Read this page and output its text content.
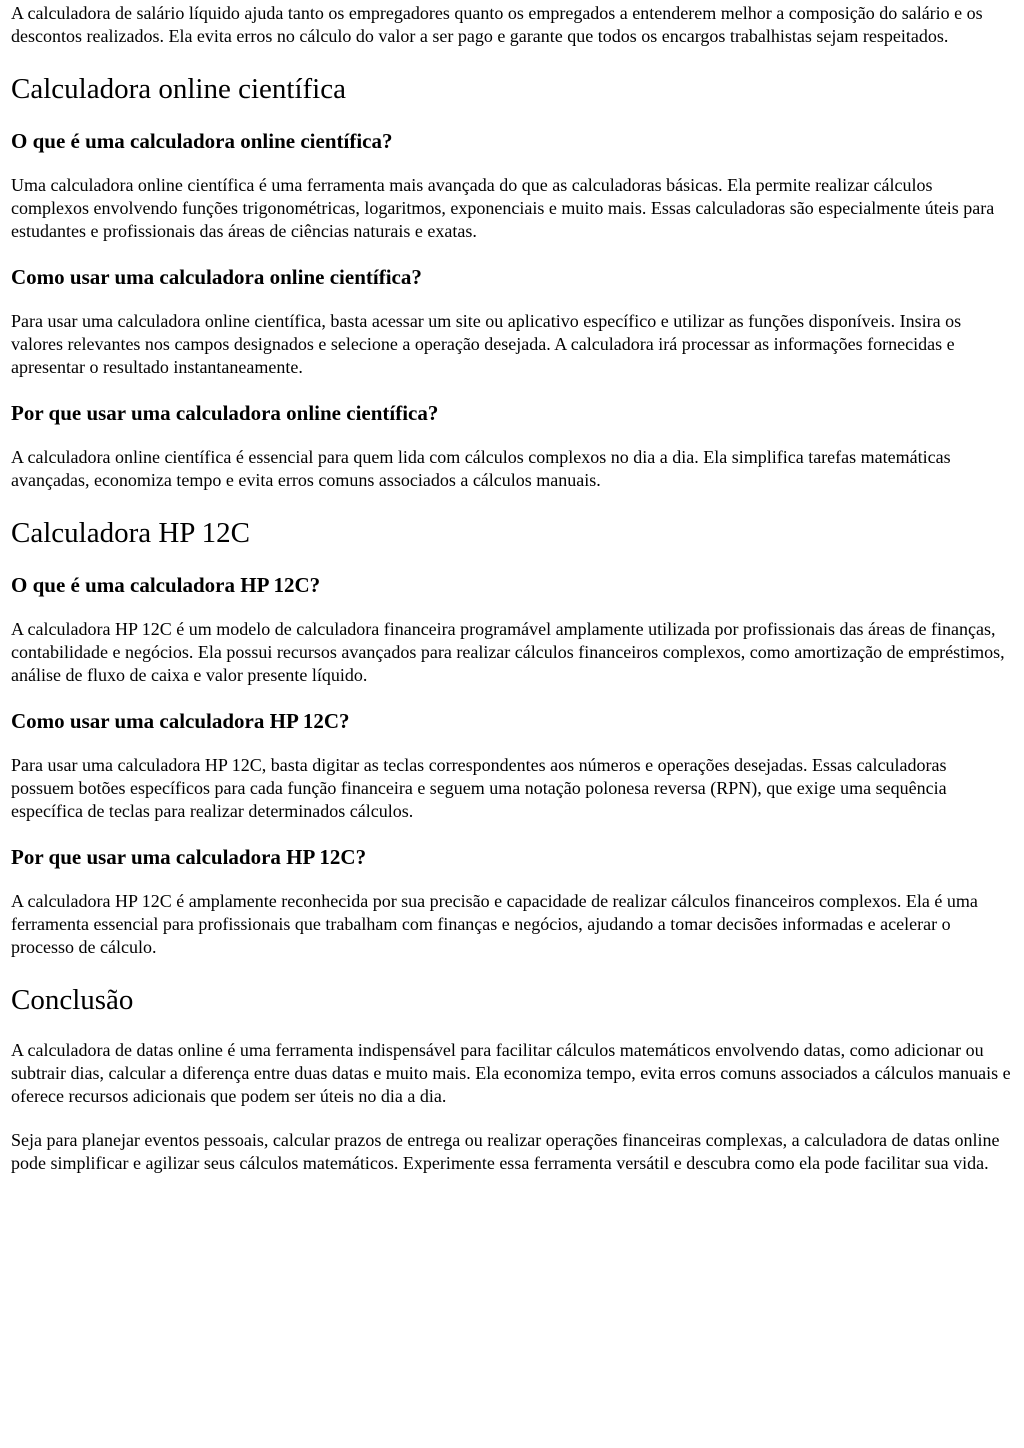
A calculadora de salário líquido ajuda tanto os empregadores quanto os empregados a entenderem melhor a composição do salário e os descontos realizados. Ela evita erros no cálculo do valor a ser pago e garante que todos os encargos trabalhistas sejam respeitados.

Calculadora online científica
O que é uma calculadora online científica?

Uma calculadora online científica é uma ferramenta mais avançada do que as calculadoras básicas. Ela permite realizar cálculos complexos envolvendo funções trigonométricas, logaritmos, exponenciais e muito mais. Essas calculadoras são especialmente úteis para estudantes e profissionais das áreas de ciências naturais e exatas.

Como usar uma calculadora online científica?

Para usar uma calculadora online científica, basta acessar um site ou aplicativo específico e utilizar as funções disponíveis. Insira os valores relevantes nos campos designados e selecione a operação desejada. A calculadora irá processar as informações fornecidas e apresentar o resultado instantaneamente.

Por que usar uma calculadora online científica?

A calculadora online científica é essencial para quem lida com cálculos complexos no dia a dia. Ela simplifica tarefas matemáticas avançadas, economiza tempo e evita erros comuns associados a cálculos manuais.

Calculadora HP 12C
O que é uma calculadora HP 12C?

A calculadora HP 12C é um modelo de calculadora financeira programável amplamente utilizada por profissionais das áreas de finanças, contabilidade e negócios. Ela possui recursos avançados para realizar cálculos financeiros complexos, como amortização de empréstimos, análise de fluxo de caixa e valor presente líquido.

Como usar uma calculadora HP 12C?

Para usar uma calculadora HP 12C, basta digitar as teclas correspondentes aos números e operações desejadas. Essas calculadoras possuem botões específicos para cada função financeira e seguem uma notação polonesa reversa (RPN), que exige uma sequência específica de teclas para realizar determinados cálculos.

Por que usar uma calculadora HP 12C?

A calculadora HP 12C é amplamente reconhecida por sua precisão e capacidade de realizar cálculos financeiros complexos. Ela é uma ferramenta essencial para profissionais que trabalham com finanças e negócios, ajudando a tomar decisões informadas e acelerar o processo de cálculo.

Conclusão

A calculadora de datas online é uma ferramenta indispensável para facilitar cálculos matemáticos envolvendo datas, como adicionar ou subtrair dias, calcular a diferença entre duas datas e muito mais. Ela economiza tempo, evita erros comuns associados a cálculos manuais e oferece recursos adicionais que podem ser úteis no dia a dia.

Seja para planejar eventos pessoais, calcular prazos de entrega ou realizar operações financeiras complexas, a calculadora de datas online pode simplificar e agilizar seus cálculos matemáticos. Experimente essa ferramenta versátil e descubra como ela pode facilitar sua vida.
